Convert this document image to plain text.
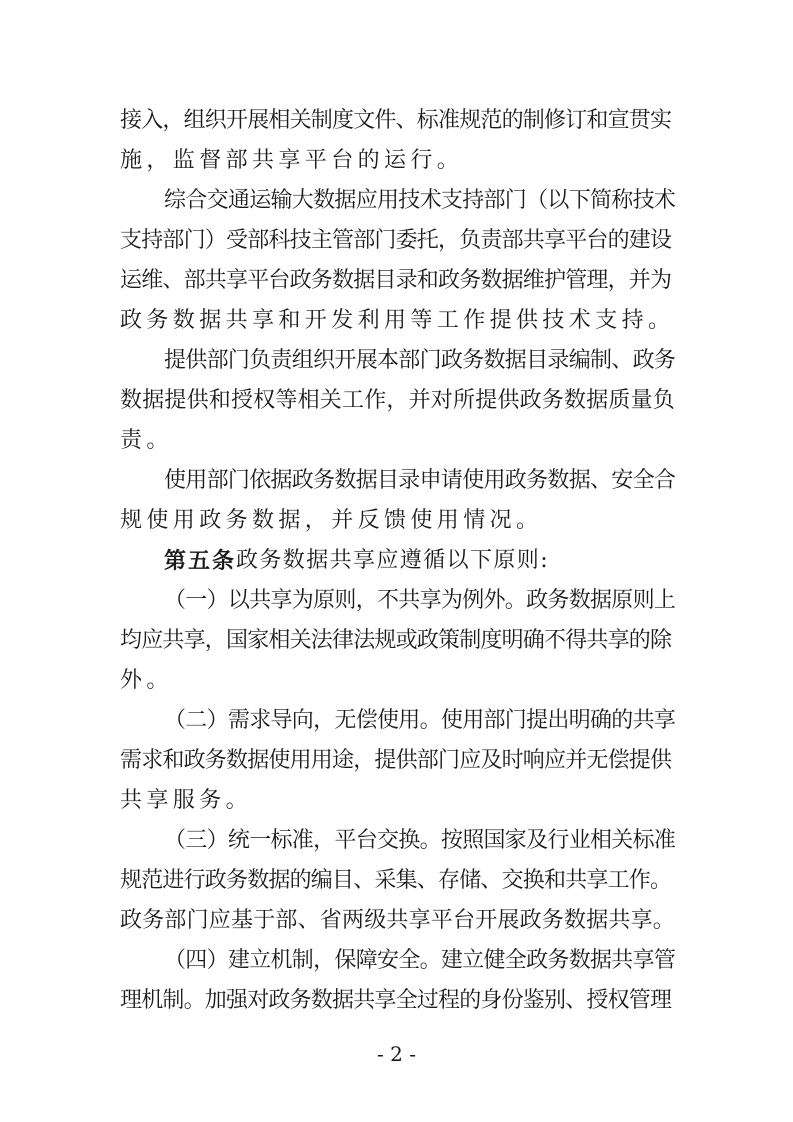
接入，组织开展相关制度文件、标准规范的制修订和宣贯实
施，监督部共享平台的运行。
综合交通运输大数据应用技术支持部门（以下简称技术
支持部门）受部科技主管部门委托，负责部共享平台的建设
运维、部共享平台政务数据目录和政务数据维护管理，并为
政务数据共享和开发利用等工作提供技术支持。
提供部门负责组织开展本部门政务数据目录编制、政务
数据提供和授权等相关工作，并对所提供政务数据质量负
责。
使用部门依据政务数据目录申请使用政务数据、安全合
规使用政务数据，并反馈使用情况。
第五条 政务数据共享应遵循以下原则:
（一）以共享为原则，不共享为例外。政务数据原则上
均应共享，国家相关法律法规或政策制度明确不得共享的除
外。
（二）需求导向，无偿使用。使用部门提出明确的共享
需求和政务数据使用用途，提供部门应及时响应并无偿提供
共享服务。
（三）统一标准，平台交换。按照国家及行业相关标准
规范进行政务数据的编目、采集、存储、交换和共享工作。
政务部门应基于部、省两级共享平台开展政务数据共享。
（四）建立机制，保障安全。建立健全政务数据共享管
理机制。加强对政务数据共享全过程的身份鉴别、授权管理
- 2 -
